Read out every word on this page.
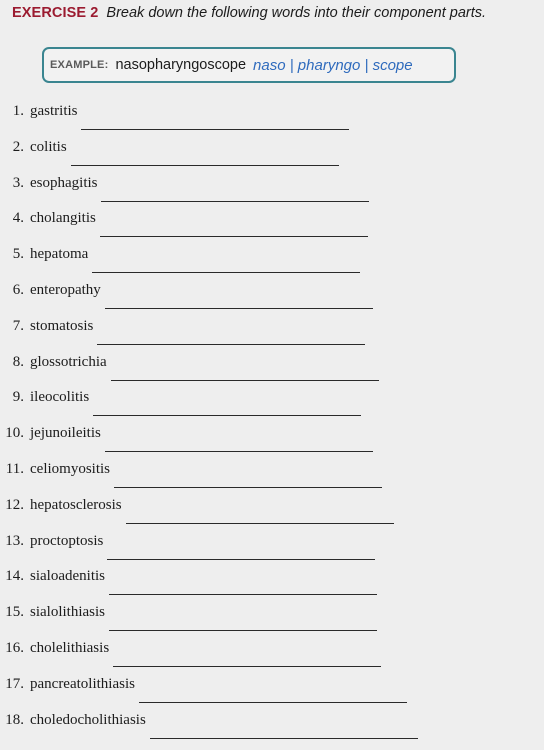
EXERCISE 2 Break down the following words into their component parts.
EXAMPLE: nasopharyngoscope naso | pharyngo | scope
1. gastritis
2. colitis
3. esophagitis
4. cholangitis
5. hepatoma
6. enteropathy
7. stomatosis
8. glossotrichia
9. ileocolitis
10. jejunoileitis
11. celiomyositis
12. hepatosclerosis
13. proctoptosis
14. sialoadenitis
15. sialolithiasis
16. cholelithiasis
17. pancreatolithiasis
18. choledocholithiasis
